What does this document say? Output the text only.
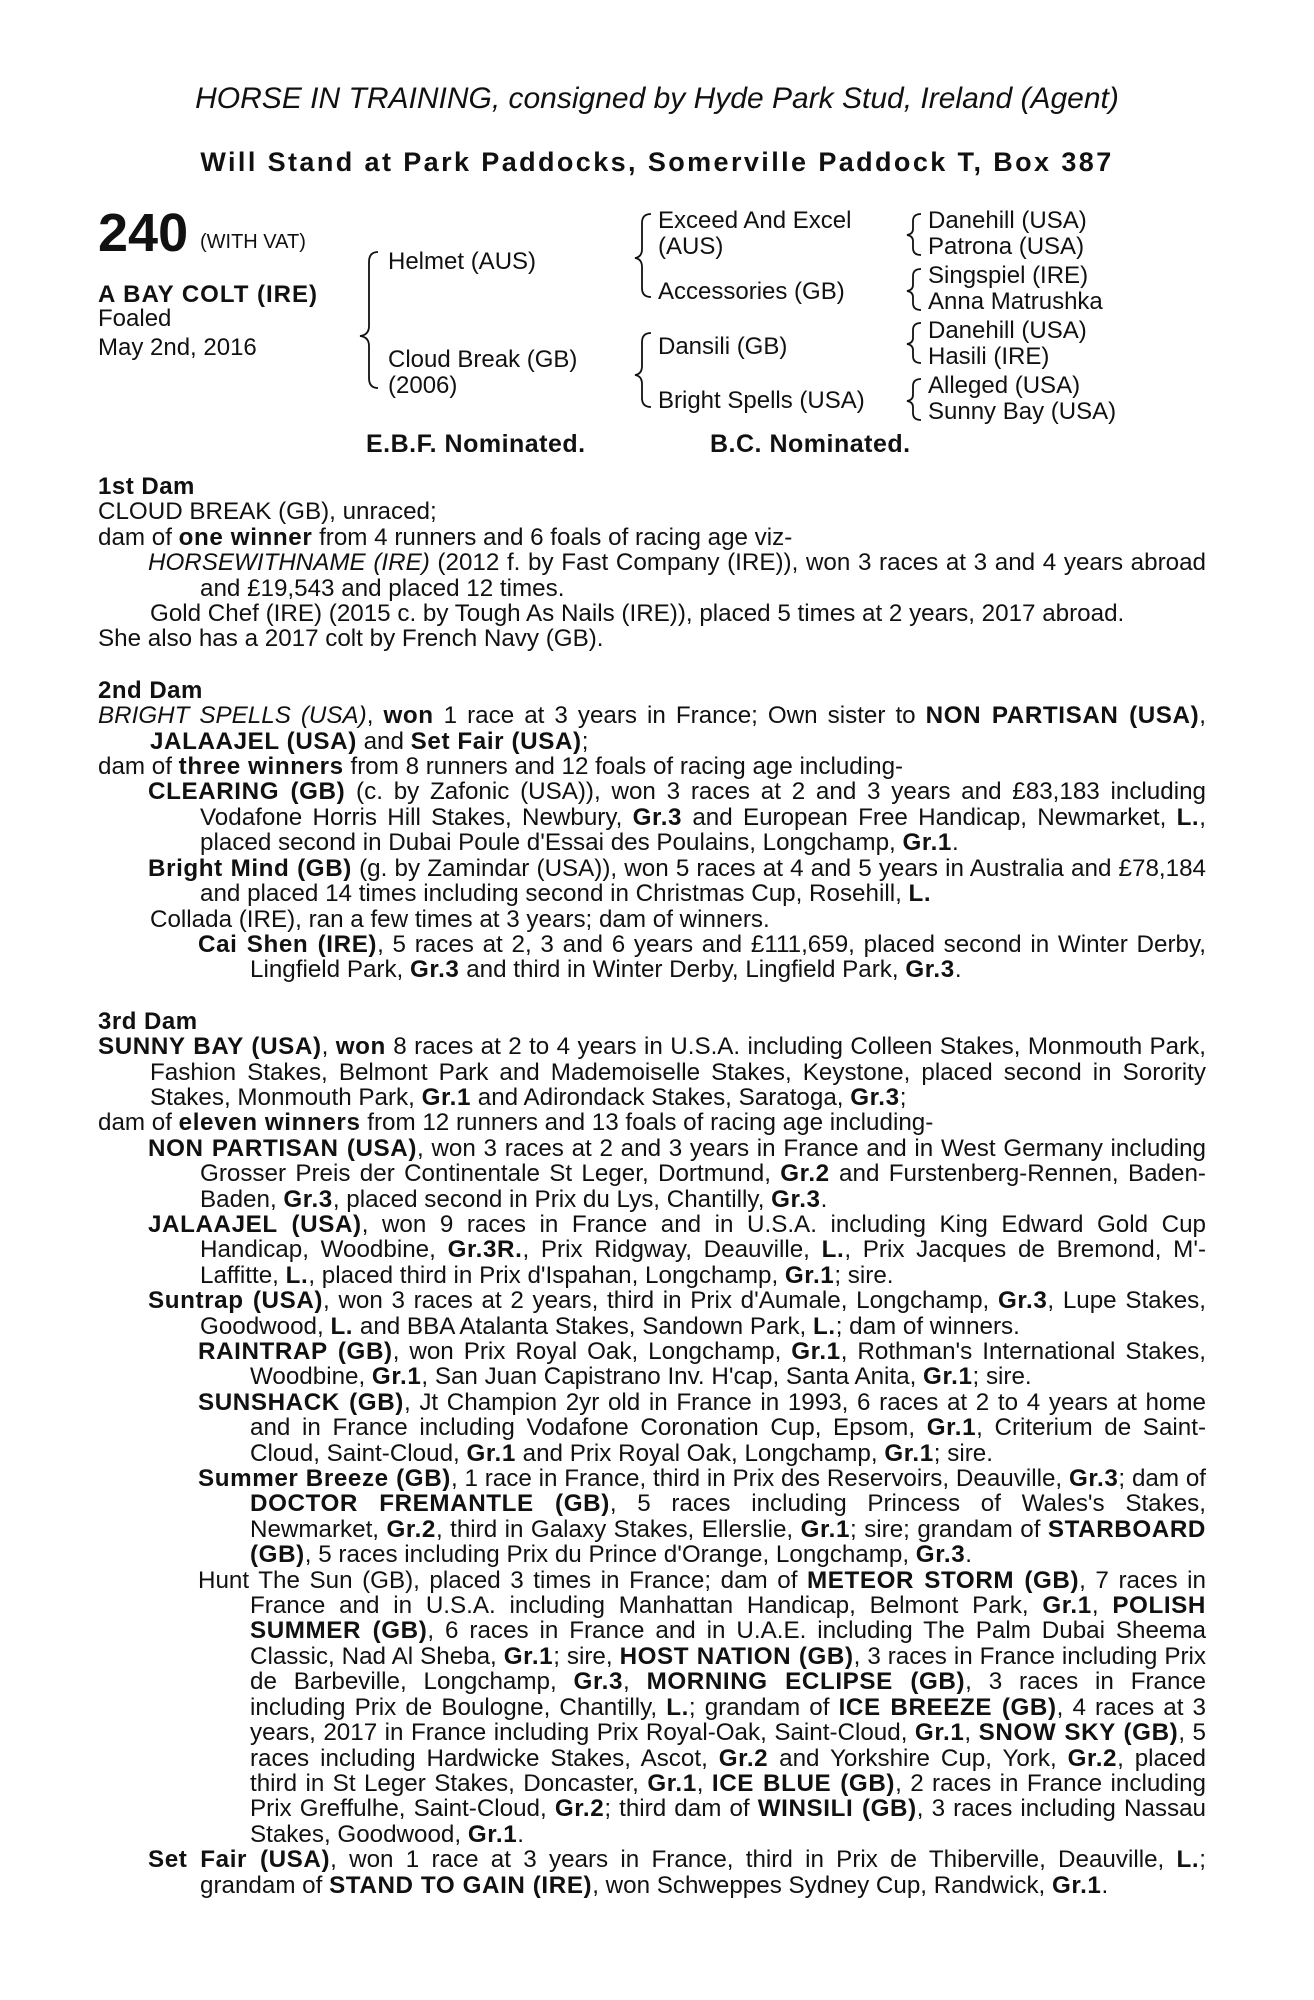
HORSE IN TRAINING, consigned by Hyde Park Stud, Ireland (Agent)
Will Stand at Park Paddocks, Somerville Paddock T, Box 387
240 (WITH VAT)
A BAY COLT (IRE)
Foaled
May 2nd, 2016
Helmet (AUS)
Cloud Break (GB)
(2006)
Exceed And Excel
(AUS)
Accessories (GB)
Dansili (GB)
Bright Spells (USA)
Danehill (USA)
Patrona (USA)
Singspiel (IRE)
Anna Matrushka
Danehill (USA)
Hasili (IRE)
Alleged (USA)
Sunny Bay (USA)
E.B.F. Nominated.	B.C. Nominated.

1st Dam

CLOUD BREAK (GB), unraced;

dam of one winner from 4 runners and 6 foals of racing age viz-

HORSEWITHNAME (IRE) (2012 f. by Fast Company (IRE)), won 3 races at 3 and 4 years abroad and £19,543 and placed 12 times.

Gold Chef (IRE) (2015 c. by Tough As Nails (IRE)), placed 5 times at 2 years, 2017 abroad.

She also has a 2017 colt by French Navy (GB).

2nd Dam

BRIGHT SPELLS (USA), won 1 race at 3 years in France; Own sister to NON PARTISAN (USA), JALAAJEL (USA) and Set Fair (USA);

dam of three winners from 8 runners and 12 foals of racing age including-

CLEARING (GB) (c. by Zafonic (USA)), won 3 races at 2 and 3 years and £83,183 including Vodafone Horris Hill Stakes, Newbury, Gr.3 and European Free Handicap, Newmarket, L., placed second in Dubai Poule d'Essai des Poulains, Longchamp, Gr.1.

Bright Mind (GB) (g. by Zamindar (USA)), won 5 races at 4 and 5 years in Australia and £78,184 and placed 14 times including second in Christmas Cup, Rosehill, L.

Collada (IRE), ran a few times at 3 years; dam of winners.

Cai Shen (IRE), 5 races at 2, 3 and 6 years and £111,659, placed second in Winter Derby, Lingfield Park, Gr.3 and third in Winter Derby, Lingfield Park, Gr.3.

3rd Dam

SUNNY BAY (USA), won 8 races at 2 to 4 years in U.S.A. including Colleen Stakes, Monmouth Park, Fashion Stakes, Belmont Park and Mademoiselle Stakes, Keystone, placed second in Sorority Stakes, Monmouth Park, Gr.1 and Adirondack Stakes, Saratoga, Gr.3;

dam of eleven winners from 12 runners and 13 foals of racing age including-

NON PARTISAN (USA), won 3 races at 2 and 3 years in France and in West Germany including Grosser Preis der Continentale St Leger, Dortmund, Gr.2 and Furstenberg-Rennen, Baden-Baden, Gr.3, placed second in Prix du Lys, Chantilly, Gr.3.

JALAAJEL (USA), won 9 races in France and in U.S.A. including King Edward Gold Cup Handicap, Woodbine, Gr.3R., Prix Ridgway, Deauville, L., Prix Jacques de Bremond, M'-Laffitte, L., placed third in Prix d'Ispahan, Longchamp, Gr.1; sire.

Suntrap (USA), won 3 races at 2 years, third in Prix d'Aumale, Longchamp, Gr.3, Lupe Stakes, Goodwood, L. and BBA Atalanta Stakes, Sandown Park, L.; dam of winners.

RAINTRAP (GB), won Prix Royal Oak, Longchamp, Gr.1, Rothman's International Stakes, Woodbine, Gr.1, San Juan Capistrano Inv. H'cap, Santa Anita, Gr.1; sire.

SUNSHACK (GB), Jt Champion 2yr old in France in 1993, 6 races at 2 to 4 years at home and in France including Vodafone Coronation Cup, Epsom, Gr.1, Criterium de Saint-Cloud, Saint-Cloud, Gr.1 and Prix Royal Oak, Longchamp, Gr.1; sire.

Summer Breeze (GB), 1 race in France, third in Prix des Reservoirs, Deauville, Gr.3; dam of DOCTOR FREMANTLE (GB), 5 races including Princess of Wales's Stakes, Newmarket, Gr.2, third in Galaxy Stakes, Ellerslie, Gr.1; sire; grandam of STARBOARD (GB), 5 races including Prix du Prince d'Orange, Longchamp, Gr.3.

Hunt The Sun (GB), placed 3 times in France; dam of METEOR STORM (GB), 7 races in France and in U.S.A. including Manhattan Handicap, Belmont Park, Gr.1, POLISH SUMMER (GB), 6 races in France and in U.A.E. including The Palm Dubai Sheema Classic, Nad Al Sheba, Gr.1; sire, HOST NATION (GB), 3 races in France including Prix de Barbeville, Longchamp, Gr.3, MORNING ECLIPSE (GB), 3 races in France including Prix de Boulogne, Chantilly, L.; grandam of ICE BREEZE (GB), 4 races at 3 years, 2017 in France including Prix Royal-Oak, Saint-Cloud, Gr.1, SNOW SKY (GB), 5 races including Hardwicke Stakes, Ascot, Gr.2 and Yorkshire Cup, York, Gr.2, placed third in St Leger Stakes, Doncaster, Gr.1, ICE BLUE (GB), 2 races in France including Prix Greffulhe, Saint-Cloud, Gr.2; third dam of WINSILI (GB), 3 races including Nassau Stakes, Goodwood, Gr.1.

Set Fair (USA), won 1 race at 3 years in France, third in Prix de Thiberville, Deauville, L.; grandam of STAND TO GAIN (IRE), won Schweppes Sydney Cup, Randwick, Gr.1.
